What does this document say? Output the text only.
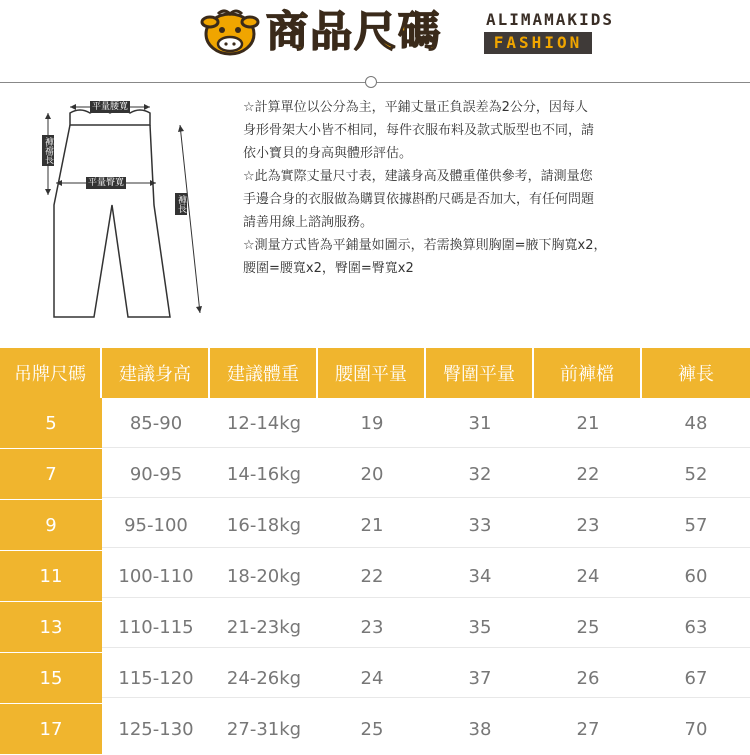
商品尺碼	ALIMAMAKIDS
FASHION
平量腰寬
褲襠長
平量臀寬
褲長

☆計算單位以公分為主，平鋪丈量正負誤差為2公分，因每人

身形骨架大小皆不相同，每件衣服布料及款式版型也不同，請

依小寶貝的身高與體形評估。

☆此為實際丈量尺寸表，建議身高及體重僅供參考，請測量您

手邊合身的衣服做為購買依據斟酌尺碼是否加大，有任何問題

請善用線上諮詢服務。

☆測量方式皆為平鋪量如圖示，若需換算則胸圍=腋下胸寬x2，

腰圍=腰寬x2，臀圍=臀寬x2

吊牌尺碼	建議身高	建議體重	腰圍平量	臀圍平量	前褲檔	褲長
5	85-90	12-14kg	19	31	21	48
7	90-95	14-16kg	20	32	22	52
9	95-100	16-18kg	21	33	23	57
11	100-110	18-20kg	22	34	24	60
13	110-115	21-23kg	23	35	25	63
15	115-120	24-26kg	24	37	26	67
17	125-130	27-31kg	25	38	27	70
